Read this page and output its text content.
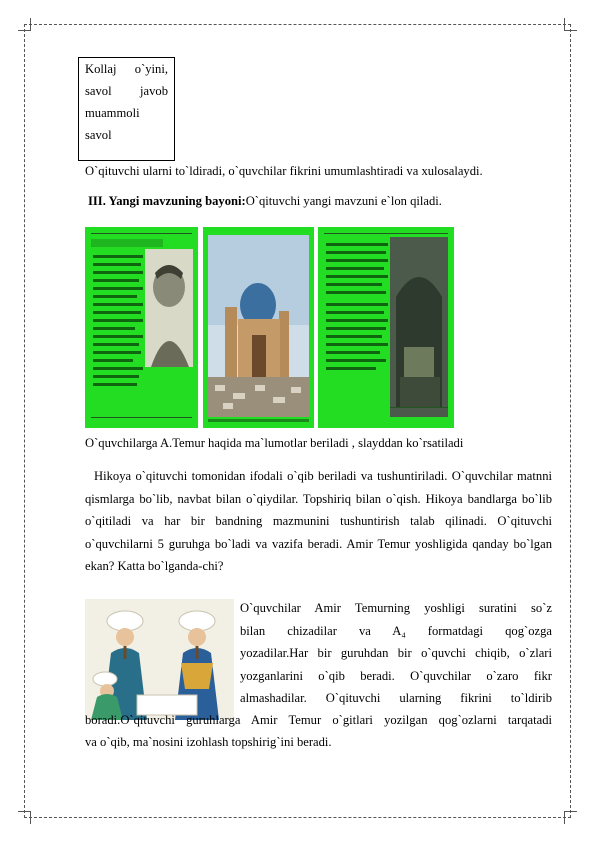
Kollaj o`yini,
savol javob
muammoli
savol
O`qituvchi ularni to`ldiradi, o`quvchilar fikrini umumlashtiradi va xulosalaydi.
III. Yangi mavzuning bayoni:O`qituvchi yangi mavzuni e`lon qiladi.
O`quvchilarga A.Temur haqida ma`lumotlar beriladi , slayddan ko`rsatiladi
Hikoya o`qituvchi tomonidan ifodali o`qib beriladi va tushuntiriladi. O`quvchilar matnni qismlarga bo`lib, navbat bilan o`qiydilar. Topshiriq bilan o`qish. Hikoya bandlarga bo`lib o`qitiladi va har bir bandning mazmunini tushuntirish talab qilinadi. O`qituvchi o`quvchilarni 5 guruhga bo`ladi va vazifa beradi. Amir Temur yoshligida qanday bo`lgan ekan? Katta bo`lganda-chi?
O`quvchilar Amir Temurning yoshligi suratini so`z
bilan chizadilar va A₄ formatdagi qog`ozga
yozadilar.Har bir guruhdan bir o`quvchi chiqib, o`zlari
yozganlarini o`qib beradi. O`quvchilar o`zaro fikr
almashadilar. O`qituvchi ularning fikrini to`ldirib
boradi.O`qituvchi guruhlarga Amir Temur o`gitlari yozilgan qog`ozlarni tarqatadi
va o`qib, ma`nosini izohlash topshirig`ini beradi.
